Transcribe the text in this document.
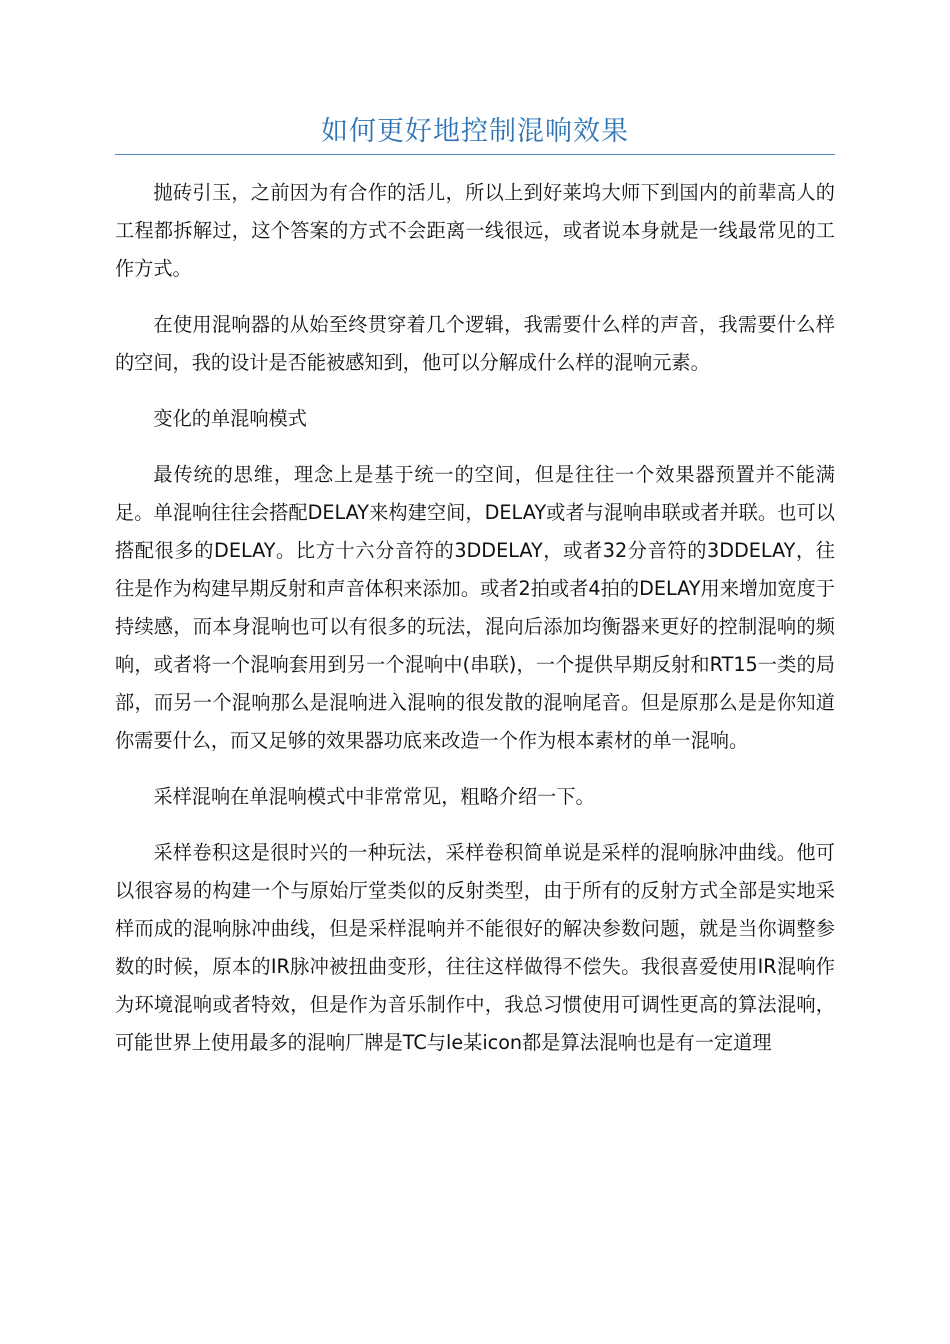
如何更好地控制混响效果

抛砖引玉，之前因为有合作的活儿，所以上到好莱坞大师下到国内的前辈高人的工程都拆解过，这个答案的方式不会距离一线很远，或者说本身就是一线最常见的工作方式。

在使用混响器的从始至终贯穿着几个逻辑，我需要什么样的声音，我需要什么样的空间，我的设计是否能被感知到，他可以分解成什么样的混响元素。

变化的单混响模式

最传统的思维，理念上是基于统一的空间，但是往往一个效果器预置并不能满足。单混响往往会搭配DELAY来构建空间，DELAY或者与混响串联或者并联。也可以搭配很多的DELAY。比方十六分音符的3DDELAY，或者32分音符的3DDELAY，往往是作为构建早期反射和声音体积来添加。或者2拍或者4拍的DELAY用来增加宽度于持续感，而本身混响也可以有很多的玩法，混向后添加均衡器来更好的控制混响的频响，或者将一个混响套用到另一个混响中(串联)，一个提供早期反射和RT15一类的局部，而另一个混响那么是混响进入混响的很发散的混响尾音。但是原那么是是你知道你需要什么，而又足够的效果器功底来改造一个作为根本素材的单一混响。

采样混响在单混响模式中非常常见，粗略介绍一下。

采样卷积这是很时兴的一种玩法，采样卷积简单说是采样的混响脉冲曲线。他可以很容易的构建一个与原始厅堂类似的反射类型，由于所有的反射方式全部是实地采样而成的混响脉冲曲线，但是采样混响并不能很好的解决参数问题，就是当你调整参数的时候，原本的IR脉冲被扭曲变形，往往这样做得不偿失。我很喜爱使用IR混响作为环境混响或者特效，但是作为音乐制作中，我总习惯使用可调性更高的算法混响，可能世界上使用最多的混响厂牌是TC与le某icon都是算法混响也是有一定道理
